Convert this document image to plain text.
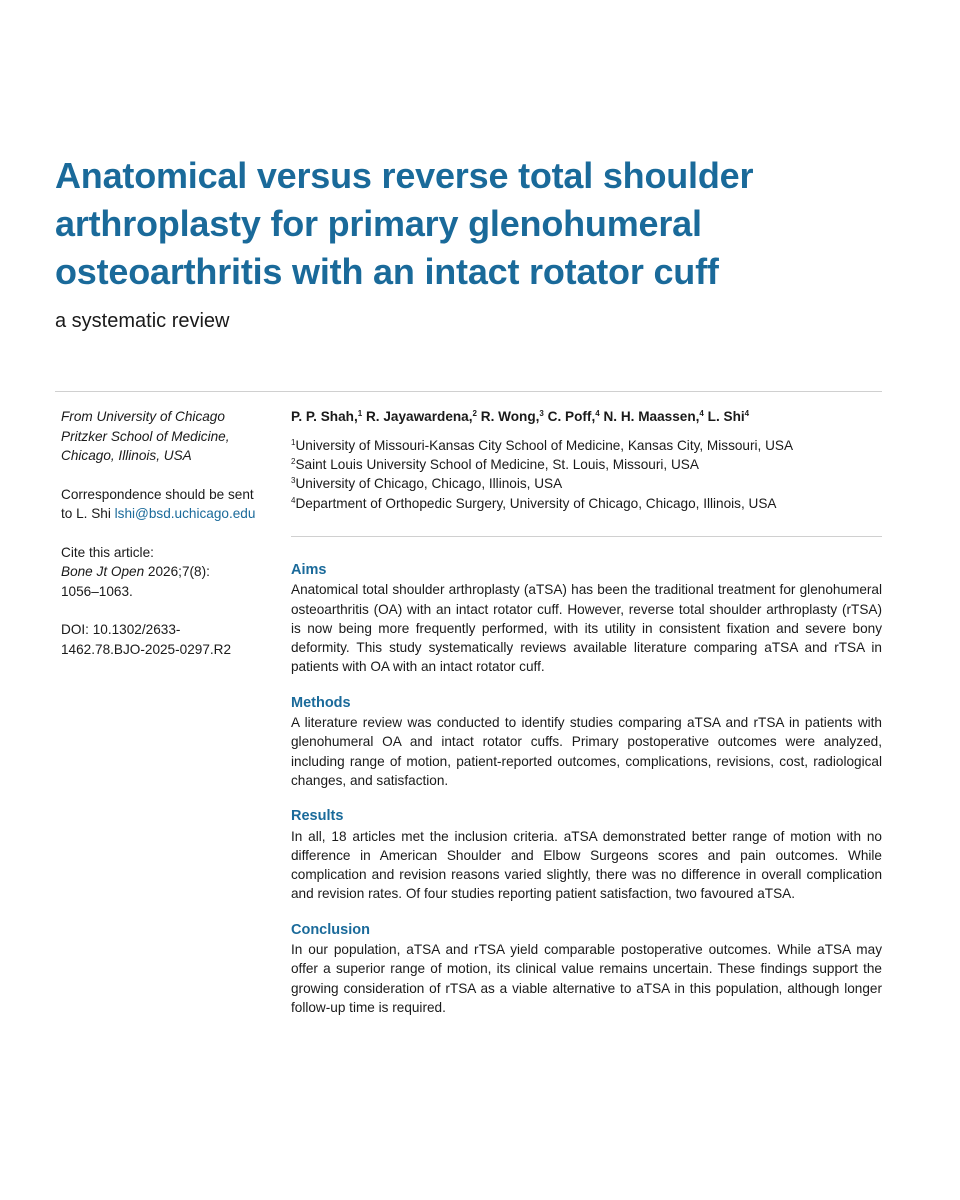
Anatomical versus reverse total shoulder arthroplasty for primary glenohumeral osteoarthritis with an intact rotator cuff
a systematic review

From University of Chicago Pritzker School of Medicine, Chicago, Illinois, USA

Correspondence should be sent to L. Shi lshi@bsd.uchicago.edu

Cite this article:

Bone Jt Open 2026;7(8):

1056–1063.

DOI: 10.1302/2633-1462.78.BJO-2025-0297.R2

P. P. Shah,$^1$ R. Jayawardena,$^2$ R. Wong,$^3$ C. Poff,$^4$ N. H. Maassen,$^4$ L. Shi$^4$

$^1$University of Missouri-Kansas City School of Medicine, Kansas City, Missouri, USA

$^2$Saint Louis University School of Medicine, St. Louis, Missouri, USA

$^3$University of Chicago, Chicago, Illinois, USA

$^4$Department of Orthopedic Surgery, University of Chicago, Chicago, Illinois, USA

Aims

Anatomical total shoulder arthroplasty (aTSA) has been the traditional treatment for glenohumeral osteoarthritis (OA) with an intact rotator cuff. However, reverse total shoulder arthroplasty (rTSA) is now being more frequently performed, with its utility in consistent fixation and severe bony deformity. This study systematically reviews available literature comparing aTSA and rTSA in patients with OA with an intact rotator cuff.

Methods

A literature review was conducted to identify studies comparing aTSA and rTSA in patients with glenohumeral OA and intact rotator cuffs. Primary postoperative outcomes were analyzed, including range of motion, patient-reported outcomes, complications, revisions, cost, radiological changes, and satisfaction.

Results

In all, 18 articles met the inclusion criteria. aTSA demonstrated better range of motion with no difference in American Shoulder and Elbow Surgeons scores and pain outcomes. While complication and revision reasons varied slightly, there was no difference in overall complication and revision rates. Of four studies reporting patient satisfaction, two favoured aTSA.

Conclusion

In our population, aTSA and rTSA yield comparable postoperative outcomes. While aTSA may offer a superior range of motion, its clinical value remains uncertain. These findings support the growing consideration of rTSA as a viable alternative to aTSA in this population, although longer follow-up time is required.
